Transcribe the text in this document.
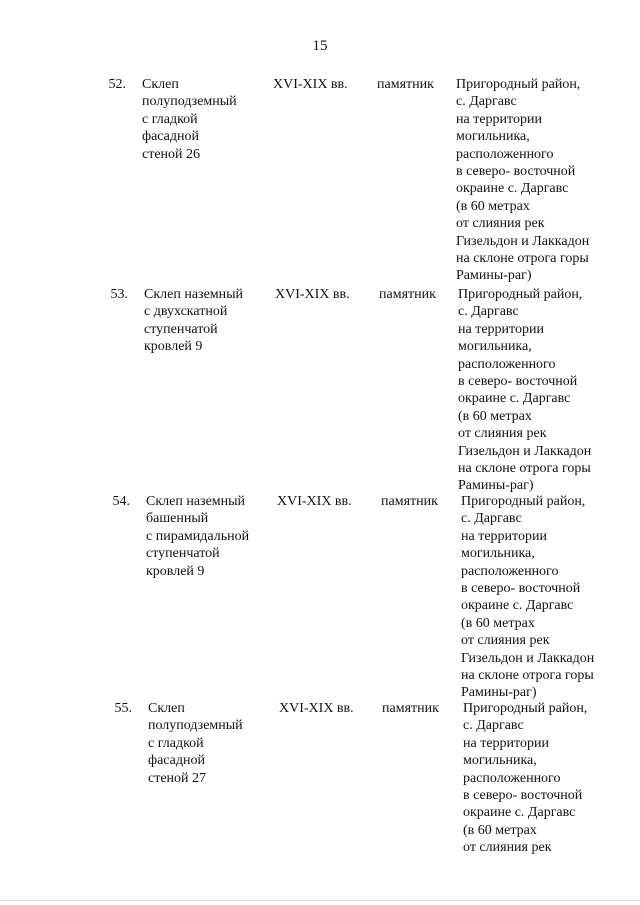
15
52. Склеп
полуподземный
с гладкой
фасадной
стеной 26
XVI-XIX вв. памятник Пригородный район,
с. Даргавс
на территории
могильника,
расположенного
в северо- восточной
окраине с. Даргавс
(в 60 метрах
от слияния рек
Гизельдон и Лаккадон
на склоне отрога горы
Рамины-раг)
53. Склеп наземный
с двухскатной
ступенчатой
кровлей 9
XVI-XIX вв. памятник Пригородный район,
с. Даргавс
на территории
могильника,
расположенного
в северо- восточной
окраине с. Даргавс
(в 60 метрах
от слияния рек
Гизельдон и Лаккадон
на склоне отрога горы
Рамины-раг)
54. Склеп наземный
башенный
с пирамидальной
ступенчатой
кровлей 9
XVI-XIX вв. памятник Пригородный район,
с. Даргавс
на территории
могильника,
расположенного
в северо- восточной
окраине с. Даргавс
(в 60 метрах
от слияния рек
Гизельдон и Лаккадон
на склоне отрога горы
Рамины-раг)
55. Склеп
полуподземный
с гладкой
фасадной
стеной 27
XVI-XIX вв. памятник Пригородный район,
с. Даргавс
на территории
могильника,
расположенного
в северо- восточной
окраине с. Даргавс
(в 60 метрах
от слияния рек
